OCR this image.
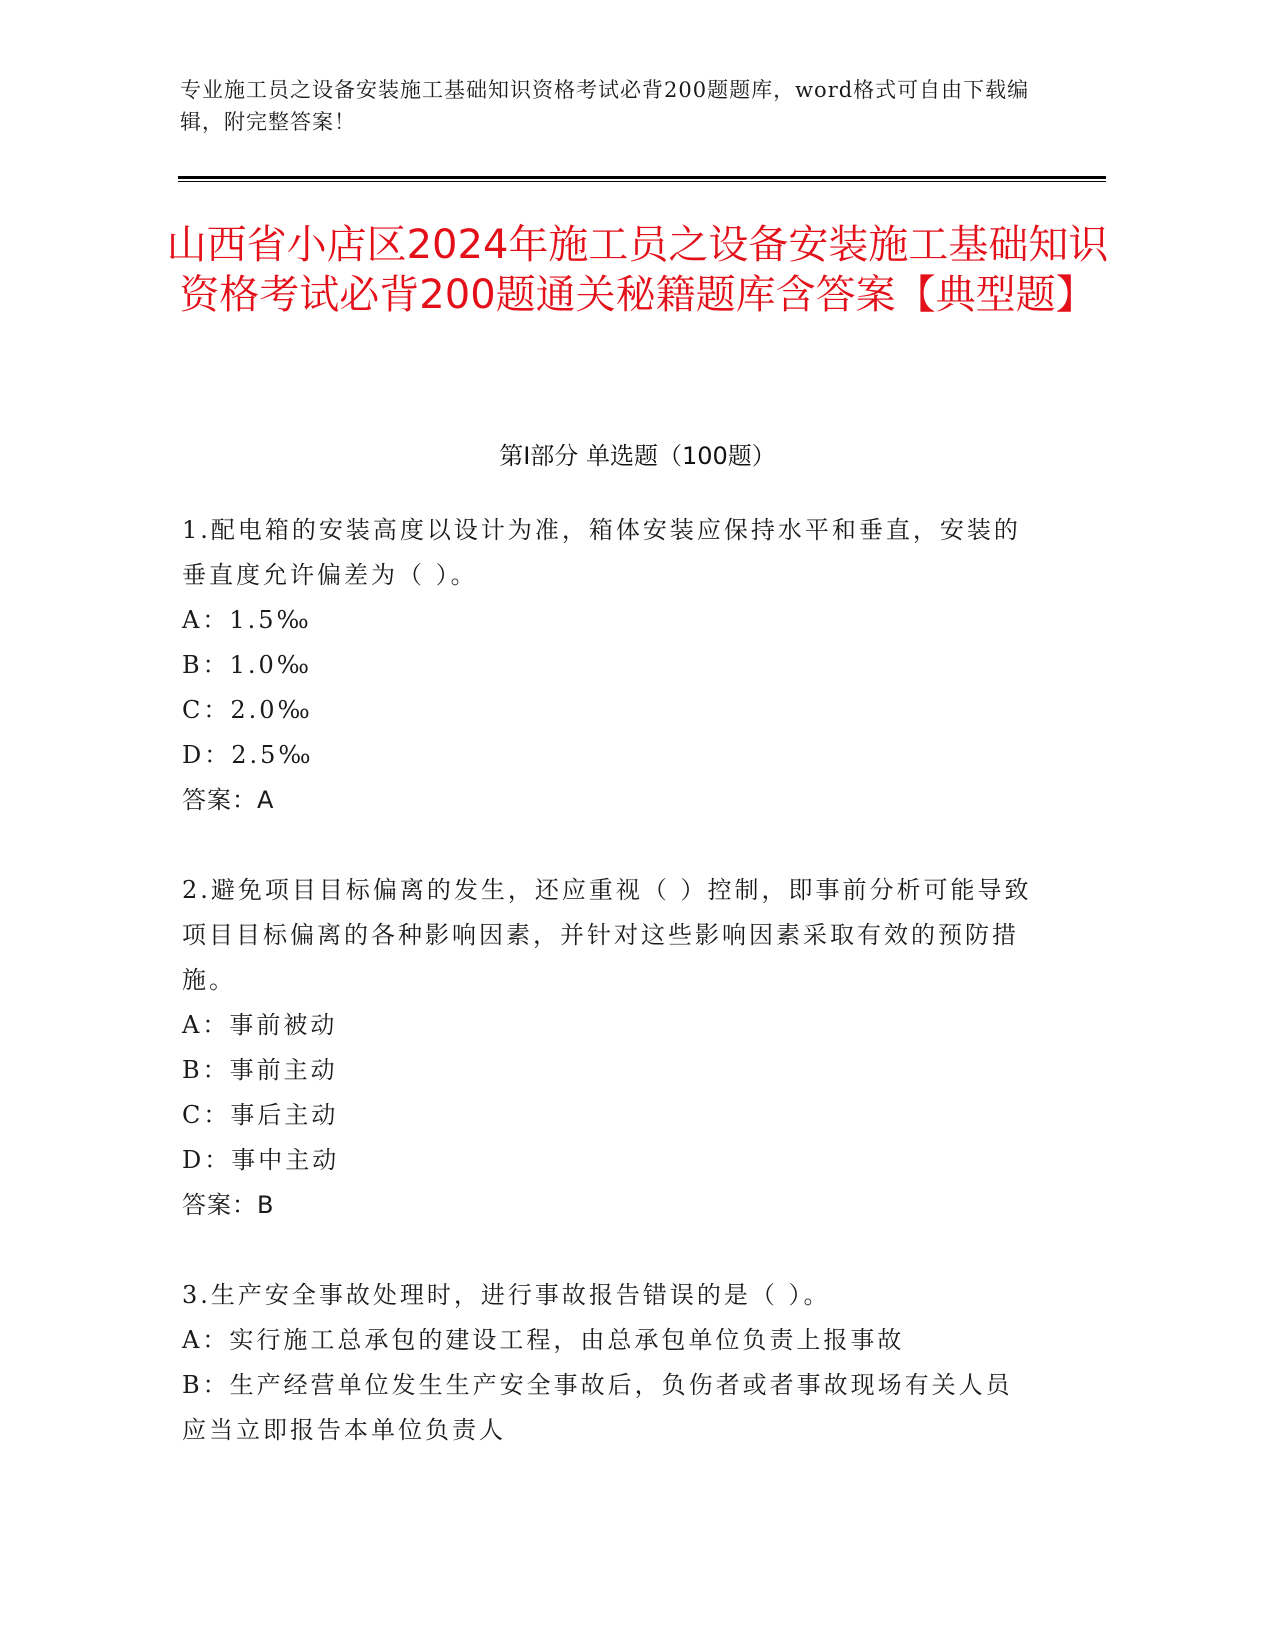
专业施工员之设备安装施工基础知识资格考试必背200题题库，word格式可自由下载编辑，附完整答案！
山西省小店区2024年施工员之设备安装施工基础知识资格考试必背200题通关秘籍题库含答案【典型题】
第I部分 单选题（100题）

1.配电箱的安装高度以设计为准，箱体安装应保持水平和垂直，安装的垂直度允许偏差为（ ）。

A：1.5‰

B：1.0‰

C：2.0‰

D：2.5‰

答案：A

2.避免项目目标偏离的发生，还应重视（ ）控制，即事前分析可能导致项目目标偏离的各种影响因素，并针对这些影响因素采取有效的预防措施。

A：事前被动

B：事前主动

C：事后主动

D：事中主动

答案：B

3.生产安全事故处理时，进行事故报告错误的是（ ）。

A：实行施工总承包的建设工程，由总承包单位负责上报事故

B：生产经营单位发生生产安全事故后，负伤者或者事故现场有关人员应当立即报告本单位负责人
